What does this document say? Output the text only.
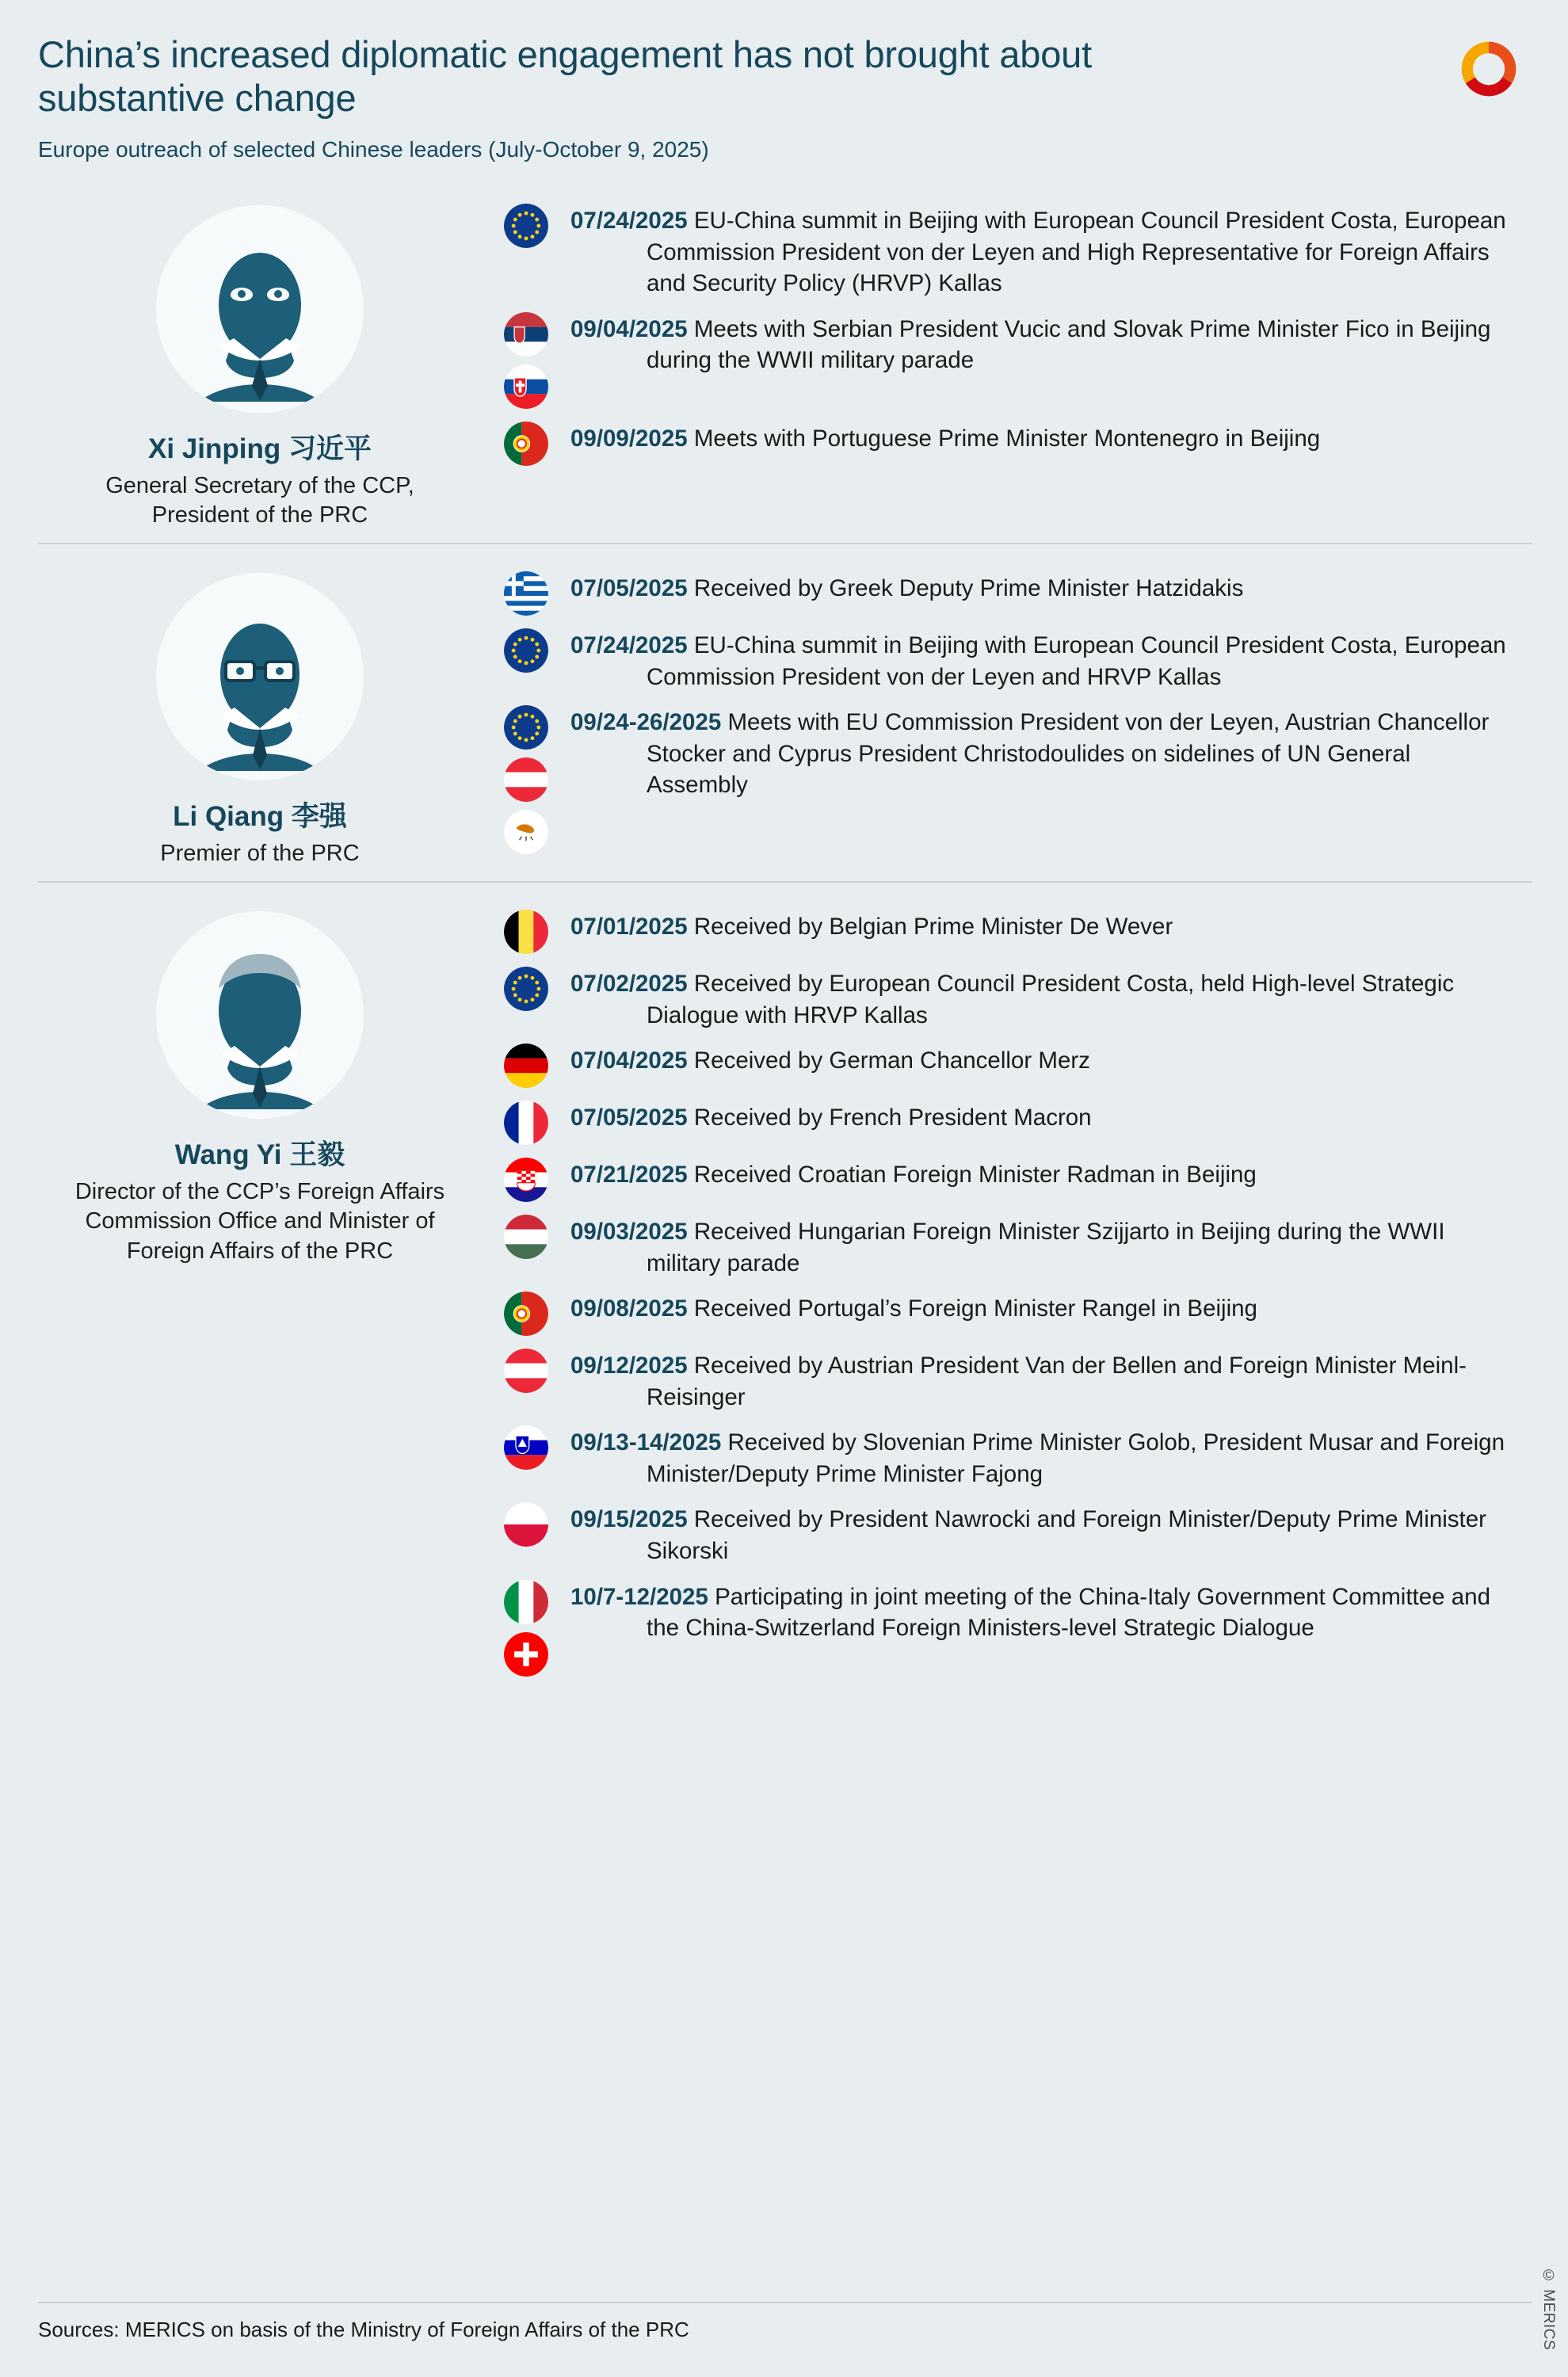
China’s increased diplomatic engagement has not brought about substantive change
Europe outreach of selected Chinese leaders (July-October 9, 2025)
Xi Jinping 习近平
General Secretary of the CCP, President of the PRC
07/24/2025 EU-China summit in Beijing with European Council President Costa, European Commission President von der Leyen and High Representative for Foreign Affairs and Security Policy (HRVP) Kallas
09/04/2025 Meets with Serbian President Vucic and Slovak Prime Minister Fico in Beijing during the WWII military parade
09/09/2025 Meets with Portuguese Prime Minister Montenegro in Beijing
Li Qiang 李强
Premier of the PRC
07/05/2025 Received by Greek Deputy Prime Minister Hatzidakis
07/24/2025 EU-China summit in Beijing with European Council President Costa, European Commission President von der Leyen and HRVP Kallas
09/24-26/2025 Meets with EU Commission President von der Leyen, Austrian Chancellor Stocker and Cyprus President Christodoulides on sidelines of UN General Assembly
Wang Yi 王毅
Director of the CCP’s Foreign Affairs Commission Office and Minister of Foreign Affairs of the PRC
07/01/2025 Received by Belgian Prime Minister De Wever
07/02/2025 Received by European Council President Costa, held High-level Strategic Dialogue with HRVP Kallas
07/04/2025 Received by German Chancellor Merz
07/05/2025 Received by French President Macron
07/21/2025 Received Croatian Foreign Minister Radman in Beijing
09/03/2025 Received Hungarian Foreign Minister Szijjarto in Beijing during the WWII military parade
09/08/2025 Received Portugal’s Foreign Minister Rangel in Beijing
09/12/2025 Received by Austrian President Van der Bellen and Foreign Minister Meinl-Reisinger
09/13-14/2025 Received by Slovenian Prime Minister Golob, President Musar and Foreign Minister/Deputy Prime Minister Fajong
09/15/2025 Received by President Nawrocki and Foreign Minister/Deputy Prime Minister Sikorski
10/7-12/2025 Participating in joint meeting of the China-Italy Government Committee and the China-Switzerland Foreign Ministers-level Strategic Dialogue
Sources: MERICS on basis of the Ministry of Foreign Affairs of the PRC	© MERICS
